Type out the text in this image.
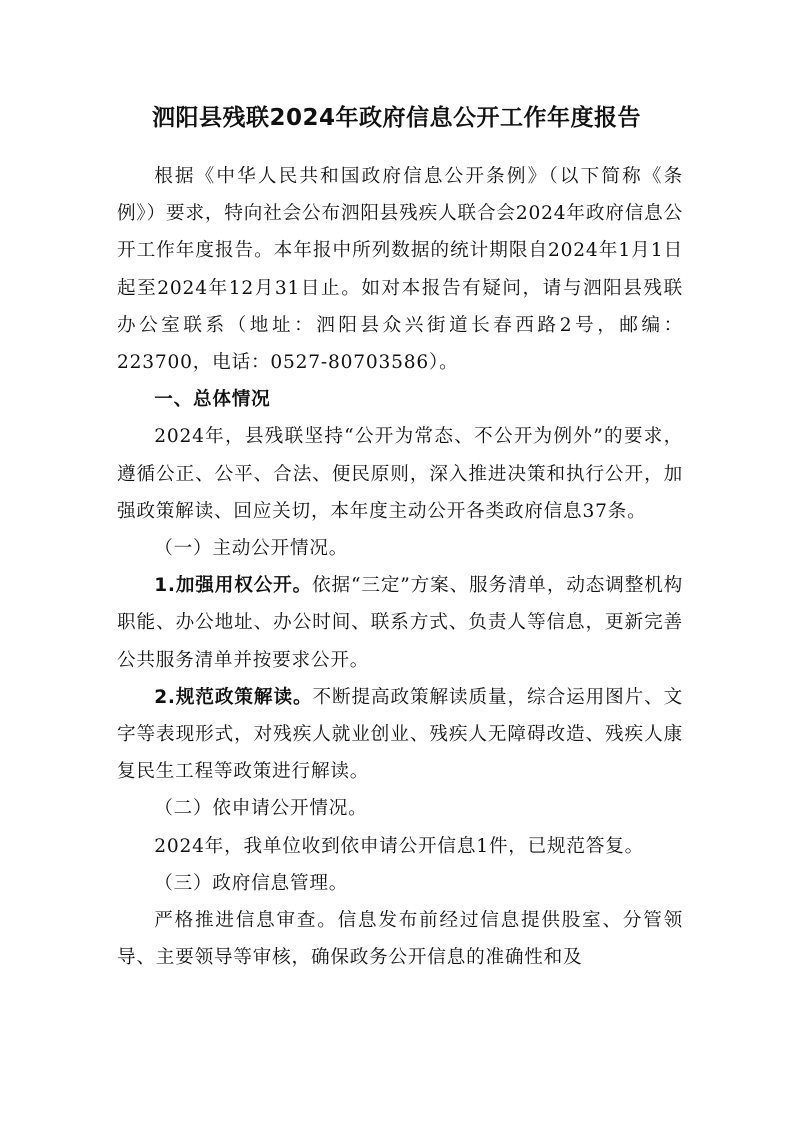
泗阳县残联2024年政府信息公开工作年度报告

根据《中华人民共和国政府信息公开条例》（以下简称《条例》）要求，特向社会公布泗阳县残疾人联合会2024年政府信息公开工作年度报告。本年报中所列数据的统计期限自2024年1月1日起至2024年12月31日止。如对本报告有疑问，请与泗阳县残联办公室联系（地址：泗阳县众兴街道长春西路2号，邮编：223700，电话：0527-80703586）。

一、总体情况

2024年，县残联坚持“公开为常态、不公开为例外”的要求，遵循公正、公平、合法、便民原则，深入推进决策和执行公开，加强政策解读、回应关切，本年度主动公开各类政府信息37条。

（一）主动公开情况。

1.加强用权公开。依据“三定”方案、服务清单，动态调整机构职能、办公地址、办公时间、联系方式、负责人等信息，更新完善公共服务清单并按要求公开。

2.规范政策解读。不断提高政策解读质量，综合运用图片、文字等表现形式，对残疾人就业创业、残疾人无障碍改造、残疾人康复民生工程等政策进行解读。

（二）依申请公开情况。

2024年，我单位收到依申请公开信息1件，已规范答复。

（三）政府信息管理。

严格推进信息审查。信息发布前经过信息提供股室、分管领导、主要领导等审核，确保政务公开信息的准确性和及
